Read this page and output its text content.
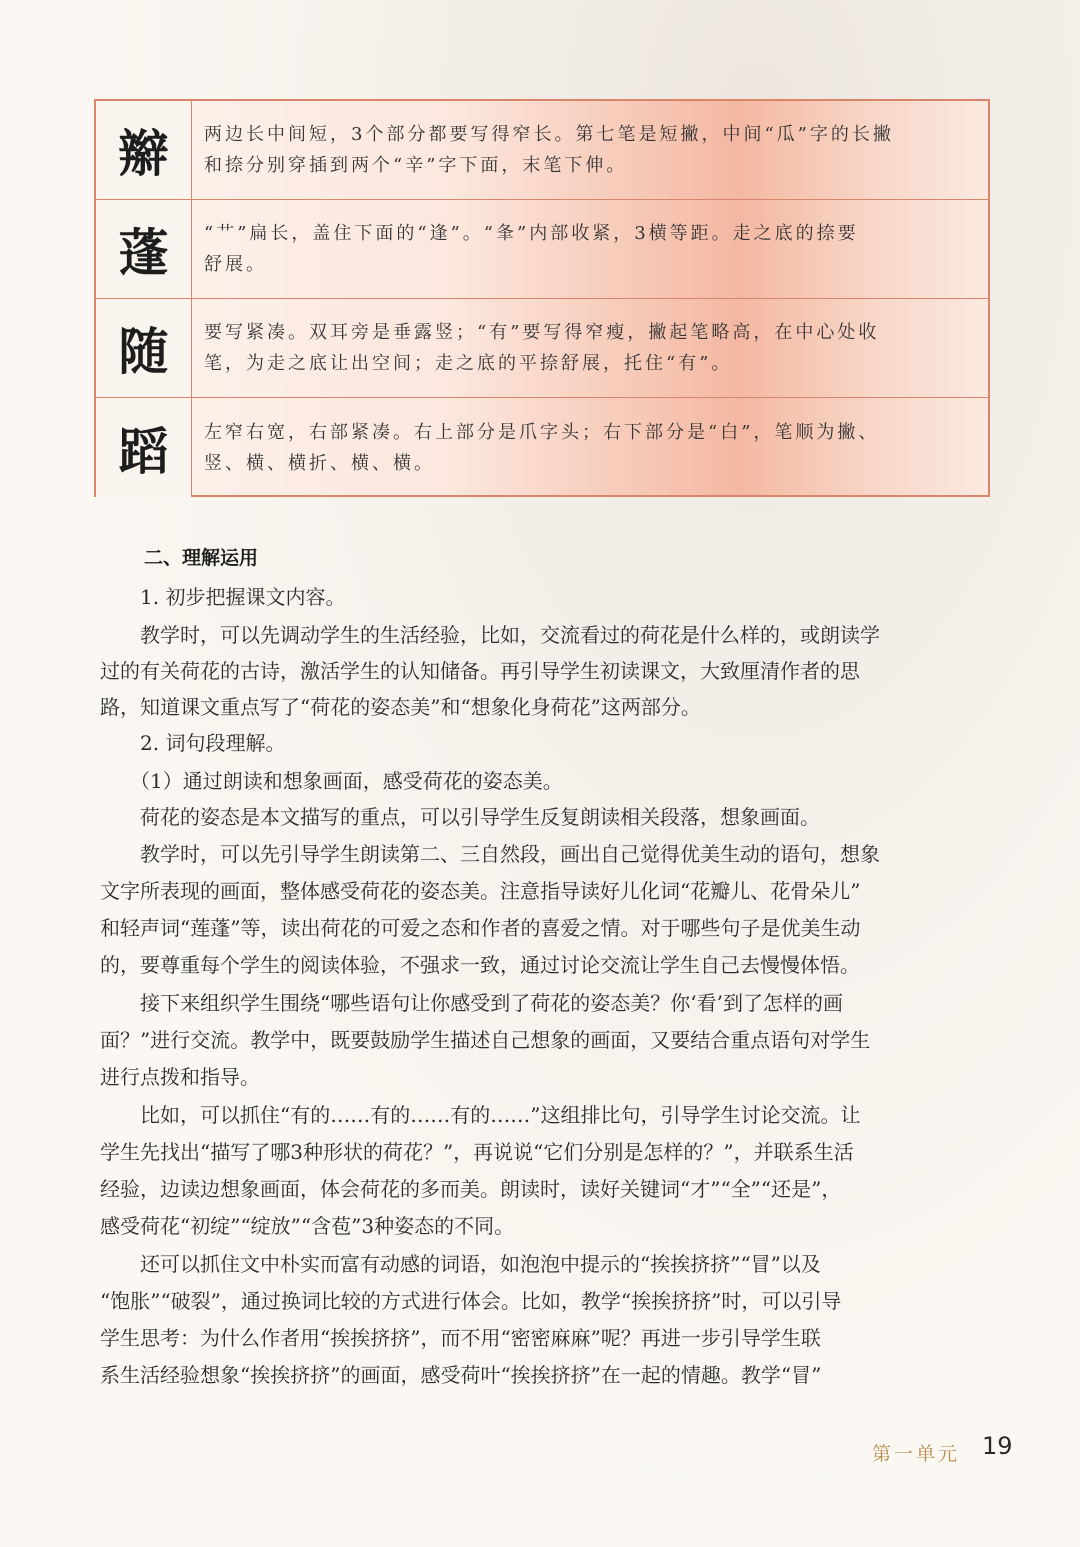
辮 两边长中间短，3个部分都要写得窄长。第七笔是短撇，中间“瓜”字的长撇
和捺分别穿插到两个“辛”字下面，末笔下伸。
蓬 “艹”扁长，盖住下面的“逢”。“夆”内部收紧，3横等距。走之底的捺要
舒展。
随 要写紧凑。双耳旁是垂露竖；“有”要写得窄瘦，撇起笔略高，在中心处收
笔，为走之底让出空间；走之底的平捺舒展，托住“有”。
蹈 左窄右宽，右部紧凑。右上部分是爪字头；右下部分是“白”，笔顺为撇、
竖、横、横折、横、横。
二、理解运用
1. 初步把握课文内容。
教学时，可以先调动学生的生活经验，比如，交流看过的荷花是什么样的，或朗读学
过的有关荷花的古诗，激活学生的认知储备。再引导学生初读课文，大致厘清作者的思
路，知道课文重点写了“荷花的姿态美”和“想象化身荷花”这两部分。
2. 词句段理解。
（1）通过朗读和想象画面，感受荷花的姿态美。
荷花的姿态是本文描写的重点，可以引导学生反复朗读相关段落，想象画面。
教学时，可以先引导学生朗读第二、三自然段，画出自己觉得优美生动的语句，想象
文字所表现的画面，整体感受荷花的姿态美。注意指导读好儿化词“花瓣儿、花骨朵儿”
和轻声词“莲蓬”等，读出荷花的可爱之态和作者的喜爱之情。对于哪些句子是优美生动
的，要尊重每个学生的阅读体验，不强求一致，通过讨论交流让学生自己去慢慢体悟。
接下来组织学生围绕“哪些语句让你感受到了荷花的姿态美？你‘看’到了怎样的画
面？”进行交流。教学中，既要鼓励学生描述自己想象的画面，又要结合重点语句对学生
进行点拨和指导。
比如，可以抓住“有的……有的……有的……”这组排比句，引导学生讨论交流。让
学生先找出“描写了哪3种形状的荷花？”，再说说“它们分别是怎样的？”，并联系生活
经验，边读边想象画面，体会荷花的多而美。朗读时，读好关键词“才”“全”“还是”，
感受荷花“初绽”“绽放”“含苞”3种姿态的不同。
还可以抓住文中朴实而富有动感的词语，如泡泡中提示的“挨挨挤挤”“冒”以及
“饱胀”“破裂”，通过换词比较的方式进行体会。比如，教学“挨挨挤挤”时，可以引导
学生思考：为什么作者用“挨挨挤挤”，而不用“密密麻麻”呢？再进一步引导学生联
系生活经验想象“挨挨挤挤”的画面，感受荷叶“挨挨挤挤”在一起的情趣。教学“冒”
第一单元 19
